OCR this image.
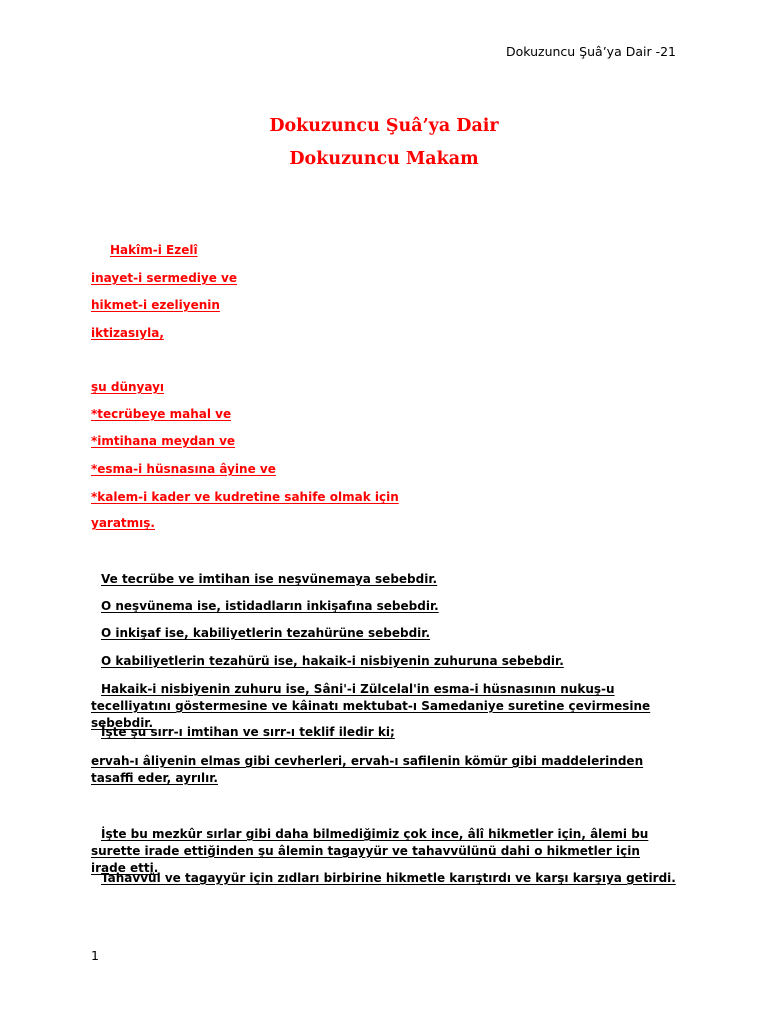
Dokuzuncu Şuâ’ya Dair -21
Dokuzuncu Şuâ’ya Dair
Dokuzuncu Makam
Hakîm-i Ezelî
inayet-i sermediye ve
hikmet-i ezeliyenin
iktizasıyla,
şu dünyayı
*tecrübeye mahal ve
*imtihana meydan ve
*esma-i hüsnasına âyine ve
*kalem-i kader ve kudretine sahife olmak için
yaratmış.
Ve tecrübe ve imtihan ise neşvünemaya sebebdir.
O neşvünema ise, istidadların inkişafına sebebdir.
O inkişaf ise, kabiliyetlerin tezahürüne sebebdir.
O kabiliyetlerin tezahürü ise, hakaik-i nisbiyenin zuhuruna sebebdir.
Hakaik-i nisbiyenin zuhuru ise, Sâni'-i Zülcelal'in esma-i hüsnasının nukuş-u tecelliyatını göstermesine ve kâinatı mektubat-ı Samedaniye suretine çevirmesine sebebdir.
İşte şu sırr-ı imtihan ve sırr-ı teklif iledir ki;
ervah-ı âliyenin elmas gibi cevherleri, ervah-ı safilenin kömür gibi maddelerinden tasaffi eder, ayrılır.
İşte bu mezkûr sırlar gibi daha bilmediğimiz çok ince, âlî hikmetler için, âlemi bu surette irade ettiğinden şu âlemin tagayyür ve tahavvülünü dahi o hikmetler için irade etti.
Tahavvül ve tagayyür için zıdları birbirine hikmetle karıştırdı ve karşı karşıya getirdi.
1
